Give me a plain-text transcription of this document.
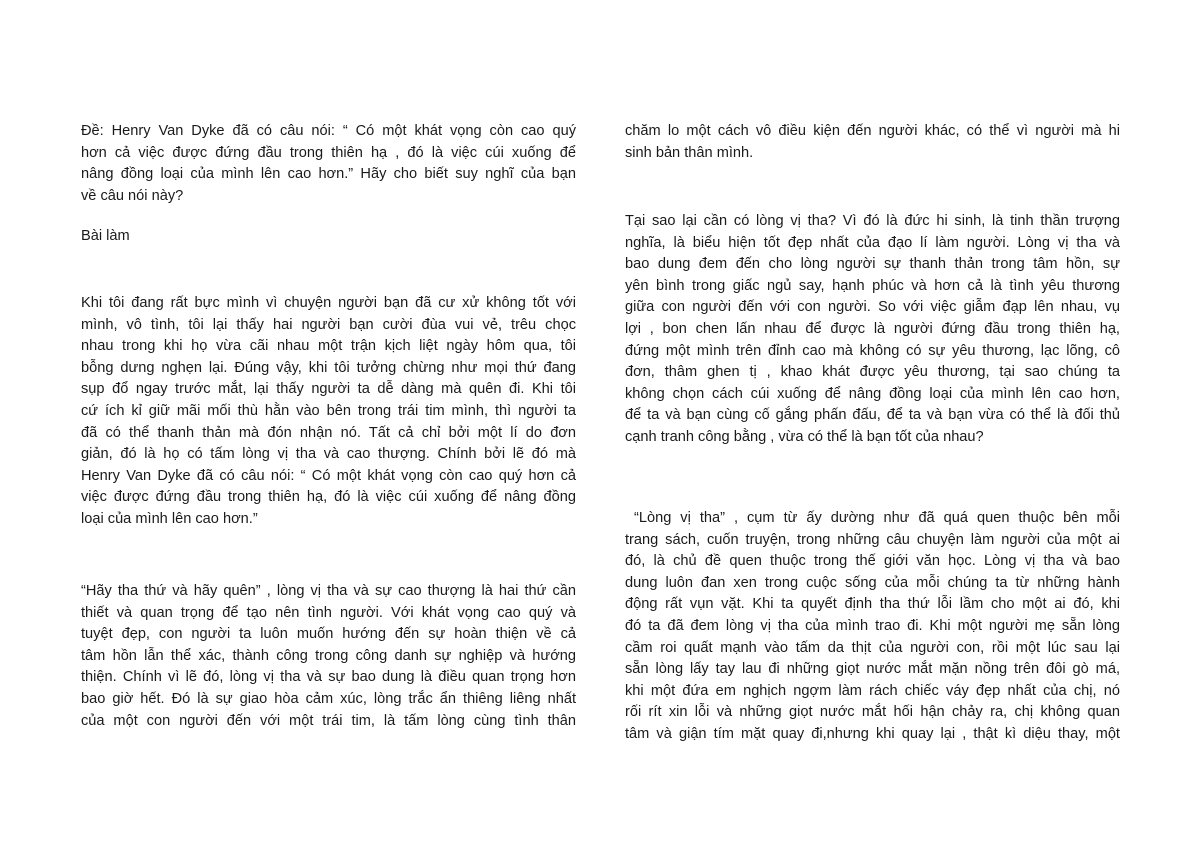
Đề: Henry Van Dyke đã có câu nói: “ Có một khát vọng còn cao quý
hơn cả việc được đứng đầu trong thiên hạ , đó là việc cúi xuống để
nâng đồng loại của mình lên cao hơn.” Hãy cho biết suy nghĩ của bạn
về câu nói này?
Bài làm
Khi tôi đang rất bực mình vì chuyện người bạn đã cư xử không tốt với
mình, vô tình, tôi lại thấy hai người bạn cười đùa vui vẻ, trêu chọc
nhau trong khi họ vừa cãi nhau một trận kịch liệt ngày hôm qua, tôi
bỗng dưng nghẹn lại. Đúng vậy, khi tôi tưởng chừng như mọi thứ đang
sụp đổ ngay trước mắt, lại thấy người ta dễ dàng mà quên đi. Khi tôi
cứ ích kỉ giữ mãi mối thù hằn vào bên trong trái tim mình, thì người ta
đã có thể thanh thản mà đón nhận nó. Tất cả chỉ bởi một lí do đơn
giản, đó là họ có tấm lòng vị tha và cao thượng. Chính bởi lẽ đó mà
Henry Van Dyke đã có câu nói: “ Có một khát vọng còn cao quý hơn cả
việc được đứng đầu trong thiên hạ, đó là việc cúi xuống để nâng đồng
loại của mình lên cao hơn.”
“Hãy tha thứ và hãy quên” , lòng vị tha và sự cao thượng là hai thứ cần
thiết và quan trọng để tạo nên tình người. Với khát vọng cao quý và
tuyệt đẹp, con người ta luôn muốn hướng đến sự hoàn thiện về cả
tâm hồn lẫn thể xác, thành công trong công danh sự nghiệp và hướng
thiện. Chính vì lẽ đó, lòng vị tha và sự bao dung là điều quan trọng hơn
bao giờ hết. Đó là sự giao hòa cảm xúc, lòng trắc ẩn thiêng liêng nhất
của một con người đến với một trái tim, là tấm lòng cùng tình thân
chăm lo một cách vô điều kiện đến người khác, có thể vì người mà hi
sinh bản thân mình.
Tại sao lại cần có lòng vị tha? Vì đó là đức hi sinh, là tinh thần trượng
nghĩa, là biểu hiện tốt đẹp nhất của đạo lí làm người. Lòng vị tha và
bao dung đem đến cho lòng người sự thanh thản trong tâm hồn, sự
yên bình trong giấc ngủ say, hạnh phúc và hơn cả là tình yêu thương
giữa con người đến với con người. So với việc giẫm đạp lên nhau, vụ
lợi , bon chen lấn nhau để được là người đứng đầu trong thiên hạ,
đứng một mình trên đỉnh cao mà không có sự yêu thương, lạc lõng, cô
đơn, thâm ghen tị , khao khát được yêu thương, tại sao chúng ta
không chọn cách cúi xuống để nâng đồng loại của mình lên cao hơn,
để ta và bạn cùng cố gắng phấn đấu, để ta và bạn vừa có thể là đối thủ
cạnh tranh công bằng , vừa có thể là bạn tốt của nhau?
“Lòng vị tha” , cụm từ ấy dường như đã quá quen thuộc bên mỗi
trang sách, cuốn truyện, trong những câu chuyện làm người của một ai
đó, là chủ đề quen thuộc trong thế giới văn học. Lòng vị tha và bao
dung luôn đan xen trong cuộc sống của mỗi chúng ta từ những hành
động rất vụn vặt. Khi ta quyết định tha thứ lỗi lầm cho một ai đó, khi
đó ta đã đem lòng vị tha của mình trao đi. Khi một người mẹ sẵn lòng
cầm roi quất mạnh vào tấm da thịt của người con, rồi một lúc sau lại
sẵn lòng lấy tay lau đi những giọt nước mắt mặn nồng trên đôi gò má,
khi một đứa em nghịch ngợm làm rách chiếc váy đẹp nhất của chị, nó
rối rít xin lỗi và những giọt nước mắt hối hận chảy ra, chị không quan
tâm và giận tím mặt quay đi,nhưng khi quay lại , thật kì diệu thay, một
